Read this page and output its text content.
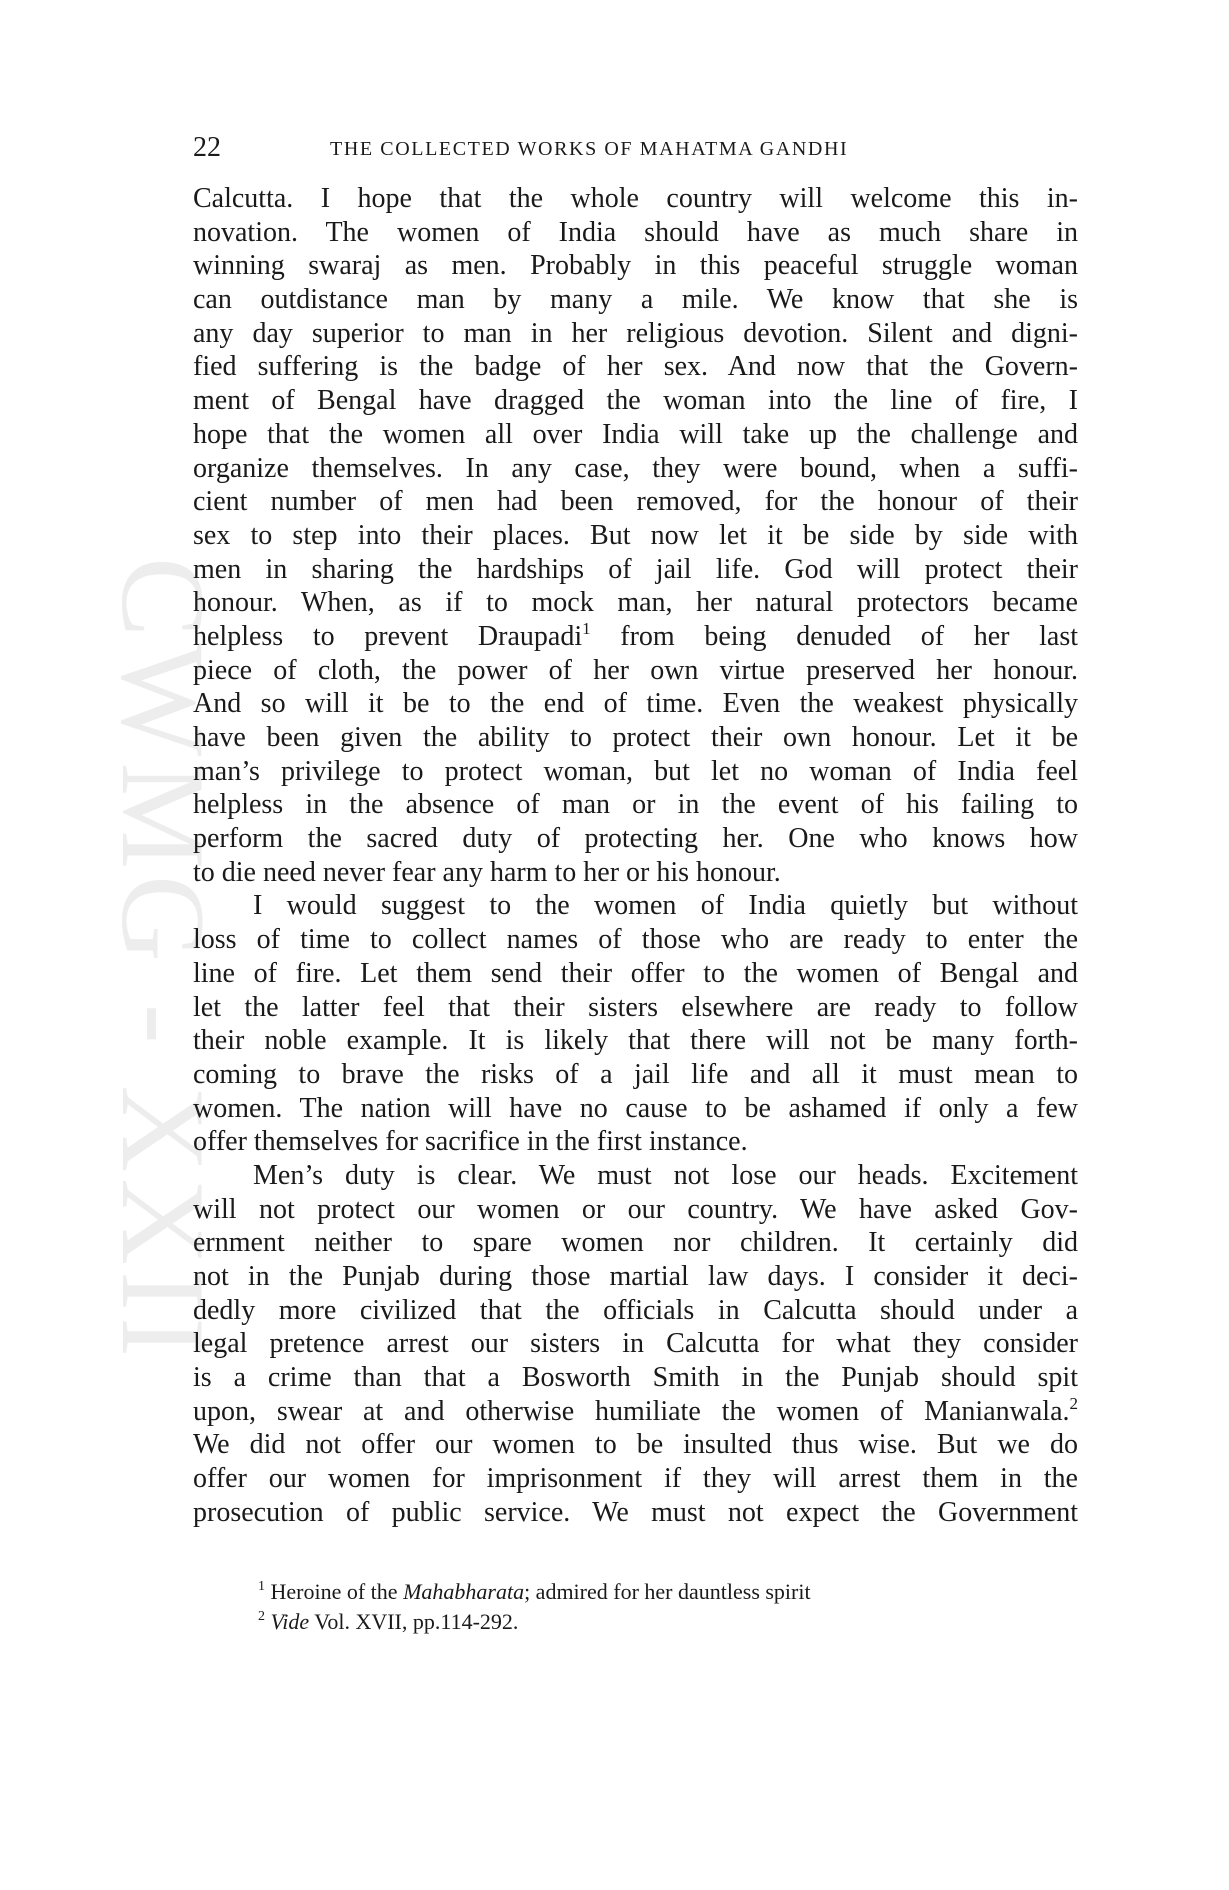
CWMG - XXII
22	THE COLLECTED WORKS OF MAHATMA GANDHI
Calcutta. I hope that the whole country will welcome this in-
novation. The women of India should have as much share in
winning swaraj as men. Probably in this peaceful struggle woman
can outdistance man by many a mile. We know that she is
any day superior to man in her religious devotion. Silent and digni-
fied suffering is the badge of her sex. And now that the Govern-
ment of Bengal have dragged the woman into the line of fire, I
hope that the women all over India will take up the challenge and
organize themselves. In any case, they were bound, when a suffi-
cient number of men had been removed, for the honour of their
sex to step into their places. But now let it be side by side with
men in sharing the hardships of jail life. God will protect their
honour. When, as if to mock man, her natural protectors became
helpless to prevent Draupadi$^1$ from being denuded of her last
piece of cloth, the power of her own virtue preserved her honour.
And so will it be to the end of time. Even the weakest physically
have been given the ability to protect their own honour. Let it be
man’s privilege to protect woman, but let no woman of India feel
helpless in the absence of man or in the event of his failing to
perform the sacred duty of protecting her. One who knows how
to die need never fear any harm to her or his honour.
I would suggest to the women of India quietly but without
loss of time to collect names of those who are ready to enter the
line of fire. Let them send their offer to the women of Bengal and
let the latter feel that their sisters elsewhere are ready to follow
their noble example. It is likely that there will not be many forth-
coming to brave the risks of a jail life and all it must mean to
women. The nation will have no cause to be ashamed if only a few
offer themselves for sacrifice in the first instance.
Men’s duty is clear. We must not lose our heads. Excitement
will not protect our women or our country. We have asked Gov-
ernment neither to spare women nor children. It certainly did
not in the Punjab during those martial law days. I consider it deci-
dedly more civilized that the officials in Calcutta should under a
legal pretence arrest our sisters in Calcutta for what they consider
is a crime than that a Bosworth Smith in the Punjab should spit
upon, swear at and otherwise humiliate the women of Manianwala.$^2$
We did not offer our women to be insulted thus wise. But we do
offer our women for imprisonment if they will arrest them in the
prosecution of public service. We must not expect the Government
$^1$ Heroine of the Mahabharata; admired for her dauntless spirit
$^2$ Vide Vol. XVII, pp.114-292.
